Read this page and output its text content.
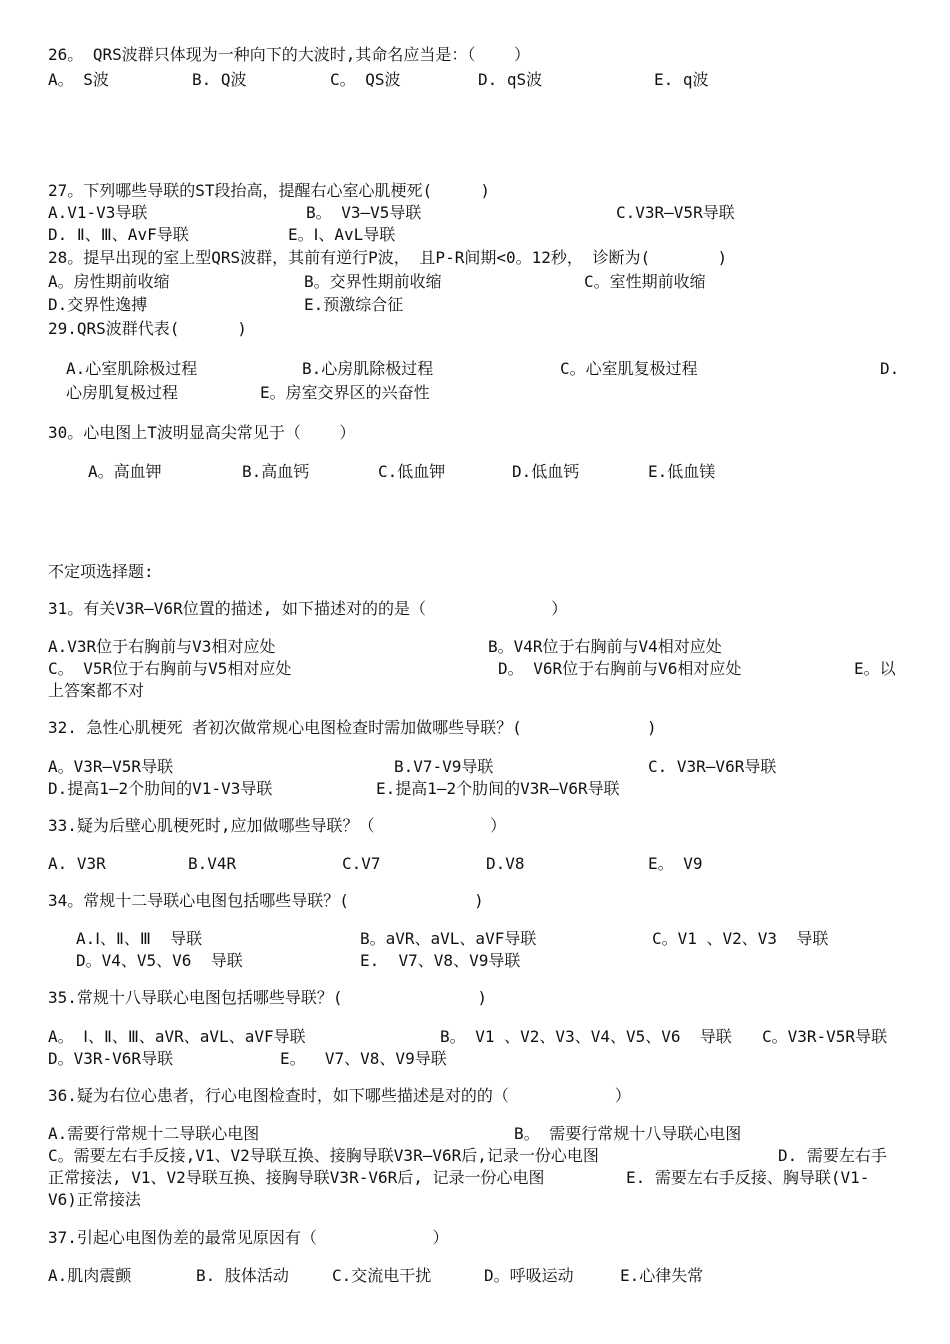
26。 QRS波群只体现为一种向下的大波时,其命名应当是：（    ）
A。 S波	B. Q波	C。 QS波	D. qS波	E. q波
27。下列哪些导联的ST段抬高，提醒右心室心肌梗死(     )
A.V1-V3导联	B。 V3—V5导联	C.V3R—V5R导联
D. Ⅱ、Ⅲ、AvF导联	E。Ⅰ、AvL导联
28。提早出现的室上型QRS波群，其前有逆行P波， 且P-R间期<0。12秒， 诊断为(       )
A。房性期前收缩	B。交界性期前收缩	C。室性期前收缩
D.交界性逸搏	E.预激综合征
29.QRS波群代表(      )
A.心室肌除极过程	B.心房肌除极过程	C。心室肌复极过程	D.
心房肌复极过程	E。房室交界区的兴奋性
30。心电图上T波明显高尖常见于（    ）
A。高血钾	B.高血钙	C.低血钾	D.低血钙	E.低血镁
不定项选择题:
31。有关V3R—V6R位置的描述, 如下描述对的的是（             ）
A.V3R位于右胸前与V3相对应处	B。V4R位于右胸前与V4相对应处
C。 V5R位于右胸前与V5相对应处	D。 V6R位于右胸前与V6相对应处	E。以
上答案都不对
32. 急性心肌梗死 者初次做常规心电图检查时需加做哪些导联？(             )
A。V3R—V5R导联	B.V7-V9导联	C. V3R—V6R导联
D.提高1—2个肋间的V1-V3导联	E.提高1—2个肋间的V3R—V6R导联
33.疑为后壁心肌梗死时,应加做哪些导联？（            ）
A. V3R	B.V4R	C.V7	D.V8	E。 V9
34。常规十二导联心电图包括哪些导联？(             )
A.Ⅰ、Ⅱ、Ⅲ  导联	B。aVR、aVL、aVF导联	C。V1 、V2、V3  导联
D。V4、V5、V6  导联	E.  V7、V8、V9导联
35.常规十八导联心电图包括哪些导联？(              )
A。 Ⅰ、Ⅱ、Ⅲ、aVR、aVL、aVF导联	B。 V1 、V2、V3、V4、V5、V6  导联 C。V3R-V5R导联
D。V3R-V6R导联	E。  V7、V8、V9导联
36.疑为右位心患者，行心电图检查时，如下哪些描述是对的的（           ）
A.需要行常规十二导联心电图	B。 需要行常规十八导联心电图
C。需要左右手反接,V1、V2导联互换、接胸导联V3R—V6R后,记录一份心电图	D. 需要左右手
正常接法, V1、V2导联互换、接胸导联V3R-V6R后, 记录一份心电图	E. 需要左右手反接、胸导联(V1-
V6)正常接法
37.引起心电图伪差的最常见原因有（            ）
A.肌肉震颤	B. 肢体活动	C.交流电干扰	D。呼吸运动	E.心律失常
